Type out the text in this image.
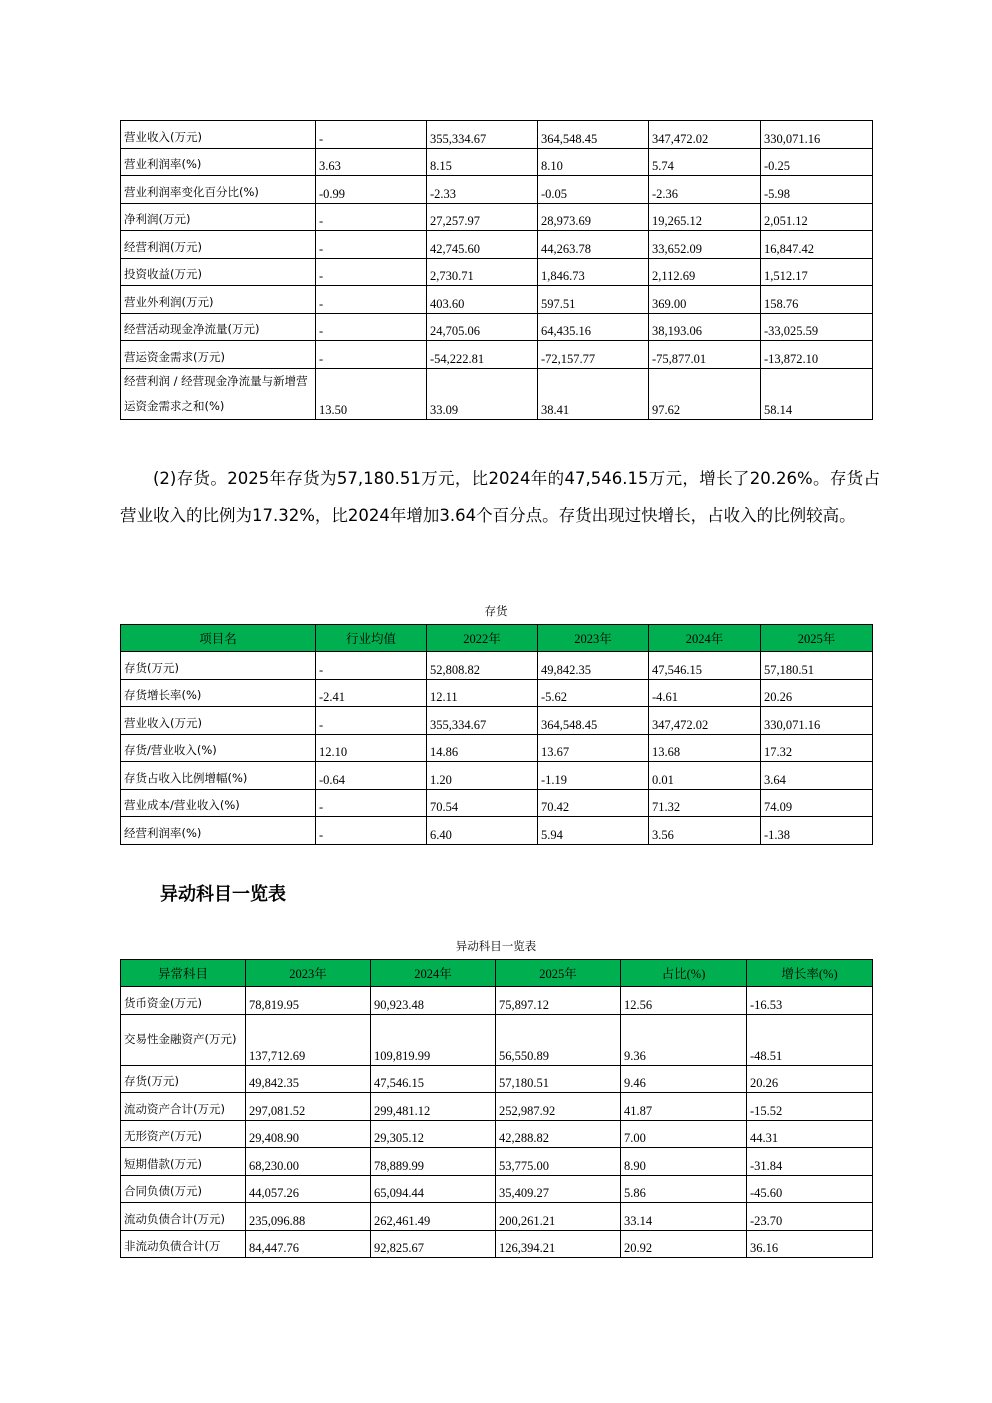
营业收入(万元)	-	355,334.67	364,548.45	347,472.02	330,071.16
营业利润率(%)	3.63	8.15	8.10	5.74	-0.25
营业利润率变化百分比(%)	-0.99	-2.33	-0.05	-2.36	-5.98
净利润(万元)	-	27,257.97	28,973.69	19,265.12	2,051.12
经营利润(万元)	-	42,745.60	44,263.78	33,652.09	16,847.42
投资收益(万元)	-	2,730.71	1,846.73	2,112.69	1,512.17
营业外利润(万元)	-	403.60	597.51	369.00	158.76
经营活动现金净流量(万元)	-	24,705.06	64,435.16	38,193.06	-33,025.59
营运资金需求(万元)	-	-54,222.81	-72,157.77	-75,877.01	-13,872.10
经营利润 / 经营现金净流量与新增营运资金需求之和(%)	13.50	33.09	38.41	97.62	58.14
(2)存货。2025年存货为57,180.51万元，比2024年的47,546.15万元，增长了20.26%。存货占营业收入的比例为17.32%，比2024年增加3.64个百分点。存货出现过快增长，占收入的比例较高。
存货
项目名	行业均值	2022年	2023年	2024年	2025年
存货(万元)	-	52,808.82	49,842.35	47,546.15	57,180.51
存货增长率(%)	-2.41	12.11	-5.62	-4.61	20.26
营业收入(万元)	-	355,334.67	364,548.45	347,472.02	330,071.16
存货/营业收入(%)	12.10	14.86	13.67	13.68	17.32
存货占收入比例增幅(%)	-0.64	1.20	-1.19	0.01	3.64
营业成本/营业收入(%)	-	70.54	70.42	71.32	74.09
经营利润率(%)	-	6.40	5.94	3.56	-1.38
异动科目一览表
异动科目一览表
异常科目	2023年	2024年	2025年	占比(%)	增长率(%)
货币资金(万元)	78,819.95	90,923.48	75,897.12	12.56	-16.53
交易性金融资产(万元)	137,712.69	109,819.99	56,550.89	9.36	-48.51
存货(万元)	49,842.35	47,546.15	57,180.51	9.46	20.26
流动资产合计(万元)	297,081.52	299,481.12	252,987.92	41.87	-15.52
无形资产(万元)	29,408.90	29,305.12	42,288.82	7.00	44.31
短期借款(万元)	68,230.00	78,889.99	53,775.00	8.90	-31.84
合同负债(万元)	44,057.26	65,094.44	35,409.27	5.86	-45.60
流动负债合计(万元)	235,096.88	262,461.49	200,261.21	33.14	-23.70
非流动负债合计(万	84,447.76	92,825.67	126,394.21	20.92	36.16
